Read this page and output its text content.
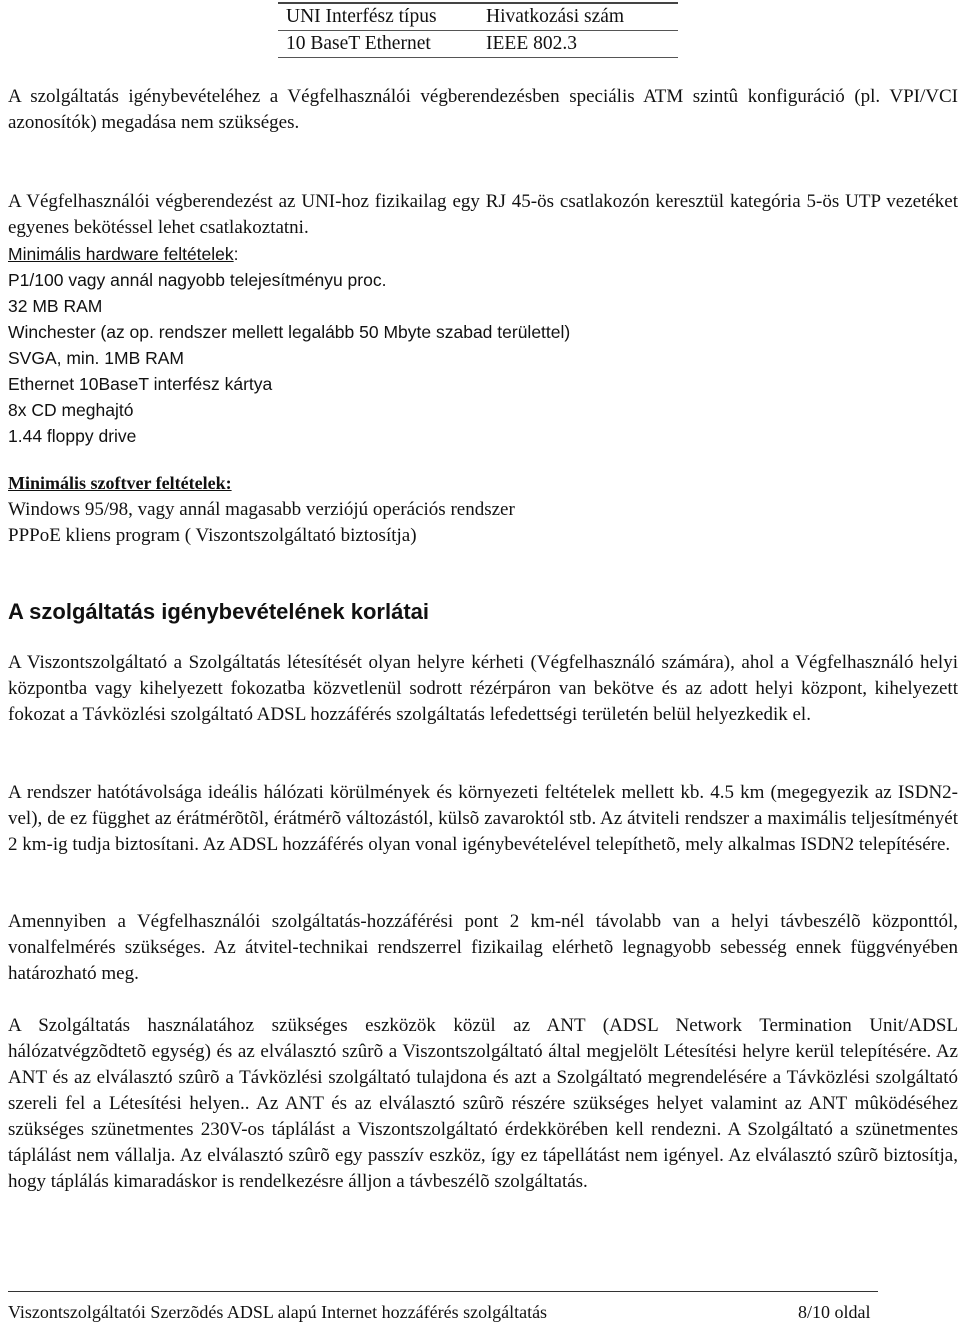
UNI Interfész típus	Hivatkozási szám
10 BaseT Ethernet	IEEE 802.3
A szolgáltatás igénybevételéhez a Végfelhasználói végberendezésben speciális ATM szintû konfiguráció (pl. VPI/VCI azonosítók) megadása nem szükséges.
A Végfelhasználói végberendezést az UNI-hoz fizikailag egy RJ 45-ös csatlakozón keresztül kategória 5-ös UTP vezetéket egyenes bekötéssel lehet csatlakoztatni.
Minimális hardware feltételek:
P1/100 vagy annál nagyobb telejesítményu proc.
32 MB RAM
Winchester (az op. rendszer mellett legalább 50 Mbyte szabad területtel)
SVGA, min. 1MB RAM
Ethernet 10BaseT interfész kártya
8x CD meghajtó
1.44 floppy drive
Minimális szoftver feltételek:
Windows 95/98, vagy annál magasabb verziójú operációs rendszer
PPPoE kliens program ( Viszontszolgáltató biztosítja)
A szolgáltatás igénybevételének korlátai
A Viszontszolgáltató a Szolgáltatás létesítését olyan helyre kérheti (Végfelhasználó számára), ahol a Végfelhasználó helyi központba vagy kihelyezett fokozatba közvetlenül sodrott rézérpáron van bekötve és az adott helyi központ, kihelyezett fokozat a Távközlési szolgáltató ADSL hozzáférés szolgáltatás lefedettségi területén belül helyezkedik el.
A rendszer hatótávolsága ideális hálózati körülmények és környezeti feltételek mellett kb. 4.5 km (megegyezik az ISDN2-vel), de ez függhet az érátmérõtõl, érátmérõ változástól, külsõ zavaroktól stb. Az átviteli rendszer a maximális teljesítményét 2 km-ig tudja biztosítani. Az ADSL hozzáférés olyan vonal igénybevételével telepíthetõ, mely alkalmas ISDN2 telepítésére.
Amennyiben a Végfelhasználói szolgáltatás-hozzáférési pont 2 km-nél távolabb van a helyi távbeszélõ központtól, vonalfelmérés szükséges. Az átvitel-technikai rendszerrel fizikailag elérhetõ legnagyobb sebesség ennek függvényében határozható meg.
A Szolgáltatás használatához szükséges eszközök közül az ANT (ADSL Network Termination Unit/ADSL hálózatvégzõdtetõ egység) és az elválasztó szûrõ a Viszontszolgáltató által megjelölt Létesítési helyre kerül telepítésére. Az ANT és az elválasztó szûrõ a Távközlési szolgáltató tulajdona és azt a Szolgáltató megrendelésére a Távközlési szolgáltató szereli fel a Létesítési helyen.. Az ANT és az elválasztó szûrõ részére szükséges helyet valamint az ANT mûködéséhez szükséges szünetmentes 230V-os táplálást a Viszontszolgáltató érdekkörében kell rendezni. A Szolgáltató a szünetmentes táplálást nem vállalja. Az elválasztó szûrõ egy passzív eszköz, így ez tápellátást nem igényel. Az elválasztó szûrõ biztosítja, hogy táplálás kimaradáskor is rendelkezésre álljon a távbeszélõ szolgáltatás.
Viszontszolgáltatói Szerzõdés ADSL alapú Internet hozzáférés szolgáltatás	8/10 oldal
